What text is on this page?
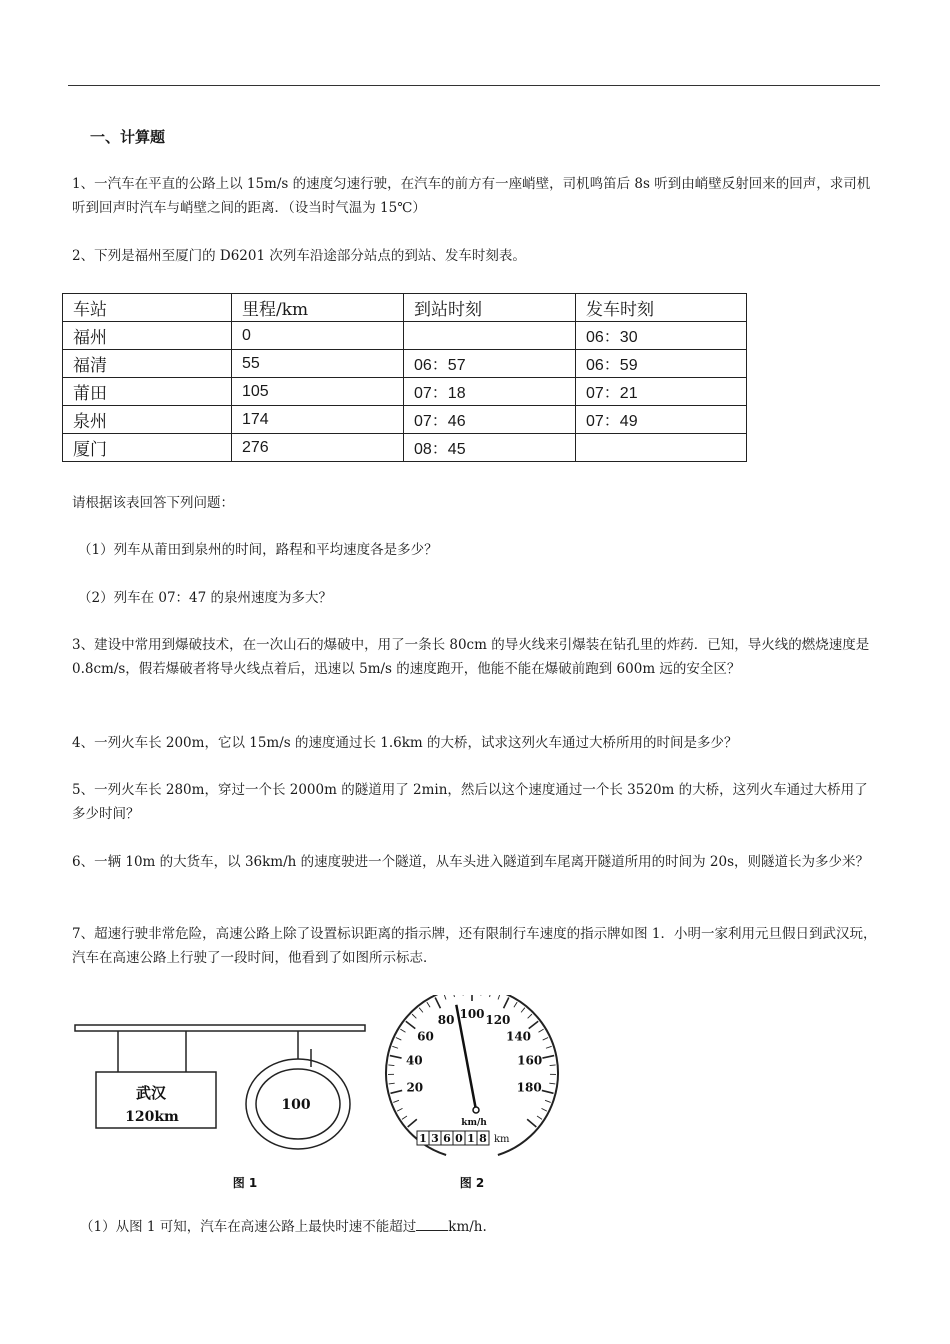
一、计算题
1、一汽车在平直的公路上以 15m/s 的速度匀速行驶，在汽车的前方有一座峭壁，司机鸣笛后 8s 听到由峭壁反射回来的回声，求司机听到回声时汽车与峭壁之间的距离．（设当时气温为 15℃）
2、下列是福州至厦门的 D6201 次列车沿途部分站点的到站、发车时刻表。
车站	里程/km	到站时刻	发车时刻
福州	0		06：30
福清	55	06：57	06：59
莆田	105	07：18	07：21
泉州	174	07：46	07：49
厦门	276	08：45	
请根据该表回答下列问题：
（1）列车从莆田到泉州的时间，路程和平均速度各是多少？
（2）列车在 07：47 的泉州速度为多大？
3、建设中常用到爆破技术，在一次山石的爆破中，用了一条长 80cm 的导火线来引爆装在钻孔里的炸药．已知，导火线的燃烧速度是 0.8cm/s，假若爆破者将导火线点着后，迅速以 5m/s 的速度跑开，他能不能在爆破前跑到 600m 远的安全区？
4、一列火车长 200m，它以 15m/s 的速度通过长 1.6km 的大桥，试求这列火车通过大桥所用的时间是多少？
5、一列火车长 280m，穿过一个长 2000m 的隧道用了 2min，然后以这个速度通过一个长 3520m 的大桥，这列火车通过大桥用了多少时间？
6、一辆 10m 的大货车，以 36km/h 的速度驶进一个隧道，从车头进入隧道到车尾离开隧道所用的时间为 20s，则隧道长为多少米？
7、超速行驶非常危险，高速公路上除了设置标识距离的指示牌，还有限制行车速度的指示牌如图 1．小明一家利用元旦假日到武汉玩，汽车在高速公路上行驶了一段时间，他看到了如图所示标志．
武汉
120km
100
图 1
20
40
60
80 100 120
140
160
180
km/h
1 3 6 0 1 8 km
图 2
（1）从图 1 可知，汽车在高速公路上最快时速不能超过 km/h.
